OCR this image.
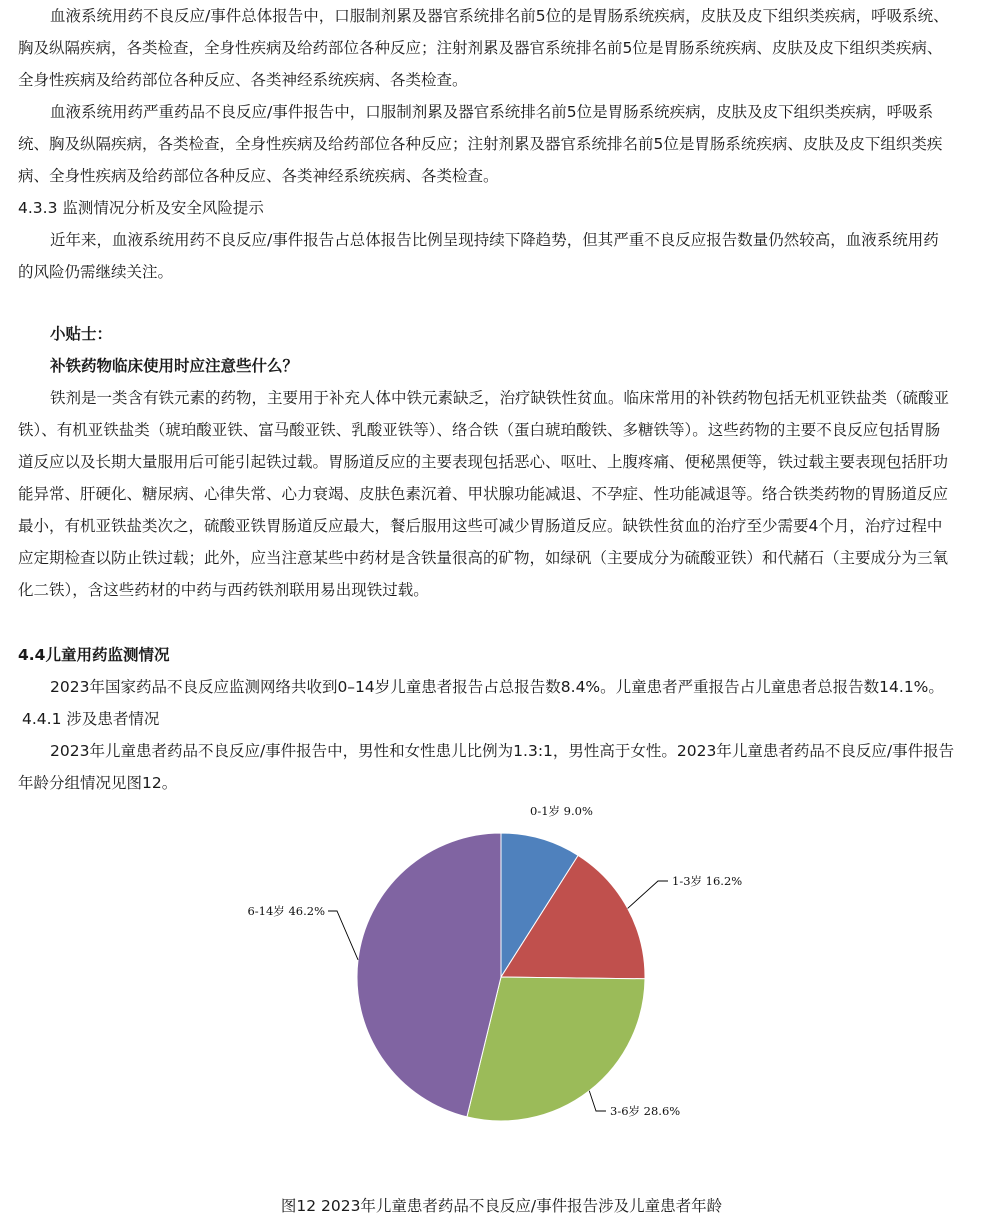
血液系统用药不良反应/事件总体报告中，口服制剂累及器官系统排名前5位的是胃肠系统疾病，皮肤及皮下组织类疾病，呼吸系统、
胸及纵隔疾病，各类检查，全身性疾病及给药部位各种反应；注射剂累及器官系统排名前5位是胃肠系统疾病、皮肤及皮下组织类疾病、
全身性疾病及给药部位各种反应、各类神经系统疾病、各类检查。
血液系统用药严重药品不良反应/事件报告中，口服制剂累及器官系统排名前5位是胃肠系统疾病，皮肤及皮下组织类疾病，呼吸系
统、胸及纵隔疾病，各类检查，全身性疾病及给药部位各种反应；注射剂累及器官系统排名前5位是胃肠系统疾病、皮肤及皮下组织类疾
病、全身性疾病及给药部位各种反应、各类神经系统疾病、各类检查。
4.3.3 监测情况分析及安全风险提示
近年来，血液系统用药不良反应/事件报告占总体报告比例呈现持续下降趋势，但其严重不良反应报告数量仍然较高，血液系统用药
的风险仍需继续关注。
小贴士：
补铁药物临床使用时应注意些什么？
铁剂是一类含有铁元素的药物，主要用于补充人体中铁元素缺乏，治疗缺铁性贫血。临床常用的补铁药物包括无机亚铁盐类（硫酸亚
铁）、有机亚铁盐类（琥珀酸亚铁、富马酸亚铁、乳酸亚铁等）、络合铁（蛋白琥珀酸铁、多糖铁等）。这些药物的主要不良反应包括胃肠
道反应以及长期大量服用后可能引起铁过载。胃肠道反应的主要表现包括恶心、呕吐、上腹疼痛、便秘黑便等，铁过载主要表现包括肝功
能异常、肝硬化、糖尿病、心律失常、心力衰竭、皮肤色素沉着、甲状腺功能减退、不孕症、性功能减退等。络合铁类药物的胃肠道反应
最小，有机亚铁盐类次之，硫酸亚铁胃肠道反应最大，餐后服用这些可减少胃肠道反应。缺铁性贫血的治疗至少需要4个月，治疗过程中
应定期检查以防止铁过载；此外，应当注意某些中药材是含铁量很高的矿物，如绿矾（主要成分为硫酸亚铁）和代赭石（主要成分为三氧
化二铁），含这些药材的中药与西药铁剂联用易出现铁过载。
4.4儿童用药监测情况
2023年国家药品不良反应监测网络共收到0–14岁儿童患者报告占总报告数8.4%。儿童患者严重报告占儿童患者总报告数14.1%。
4.4.1 涉及患者情况
2023年儿童患者药品不良反应/事件报告中，男性和女性患儿比例为1.3:1，男性高于女性。2023年儿童患者药品不良反应/事件报告
年龄分组情况见图12。
0-1岁 9.0%
1-3岁 16.2%
3-6岁 28.6%
6-14岁 46.2%
图12 2023年儿童患者药品不良反应/事件报告涉及儿童患者年龄
